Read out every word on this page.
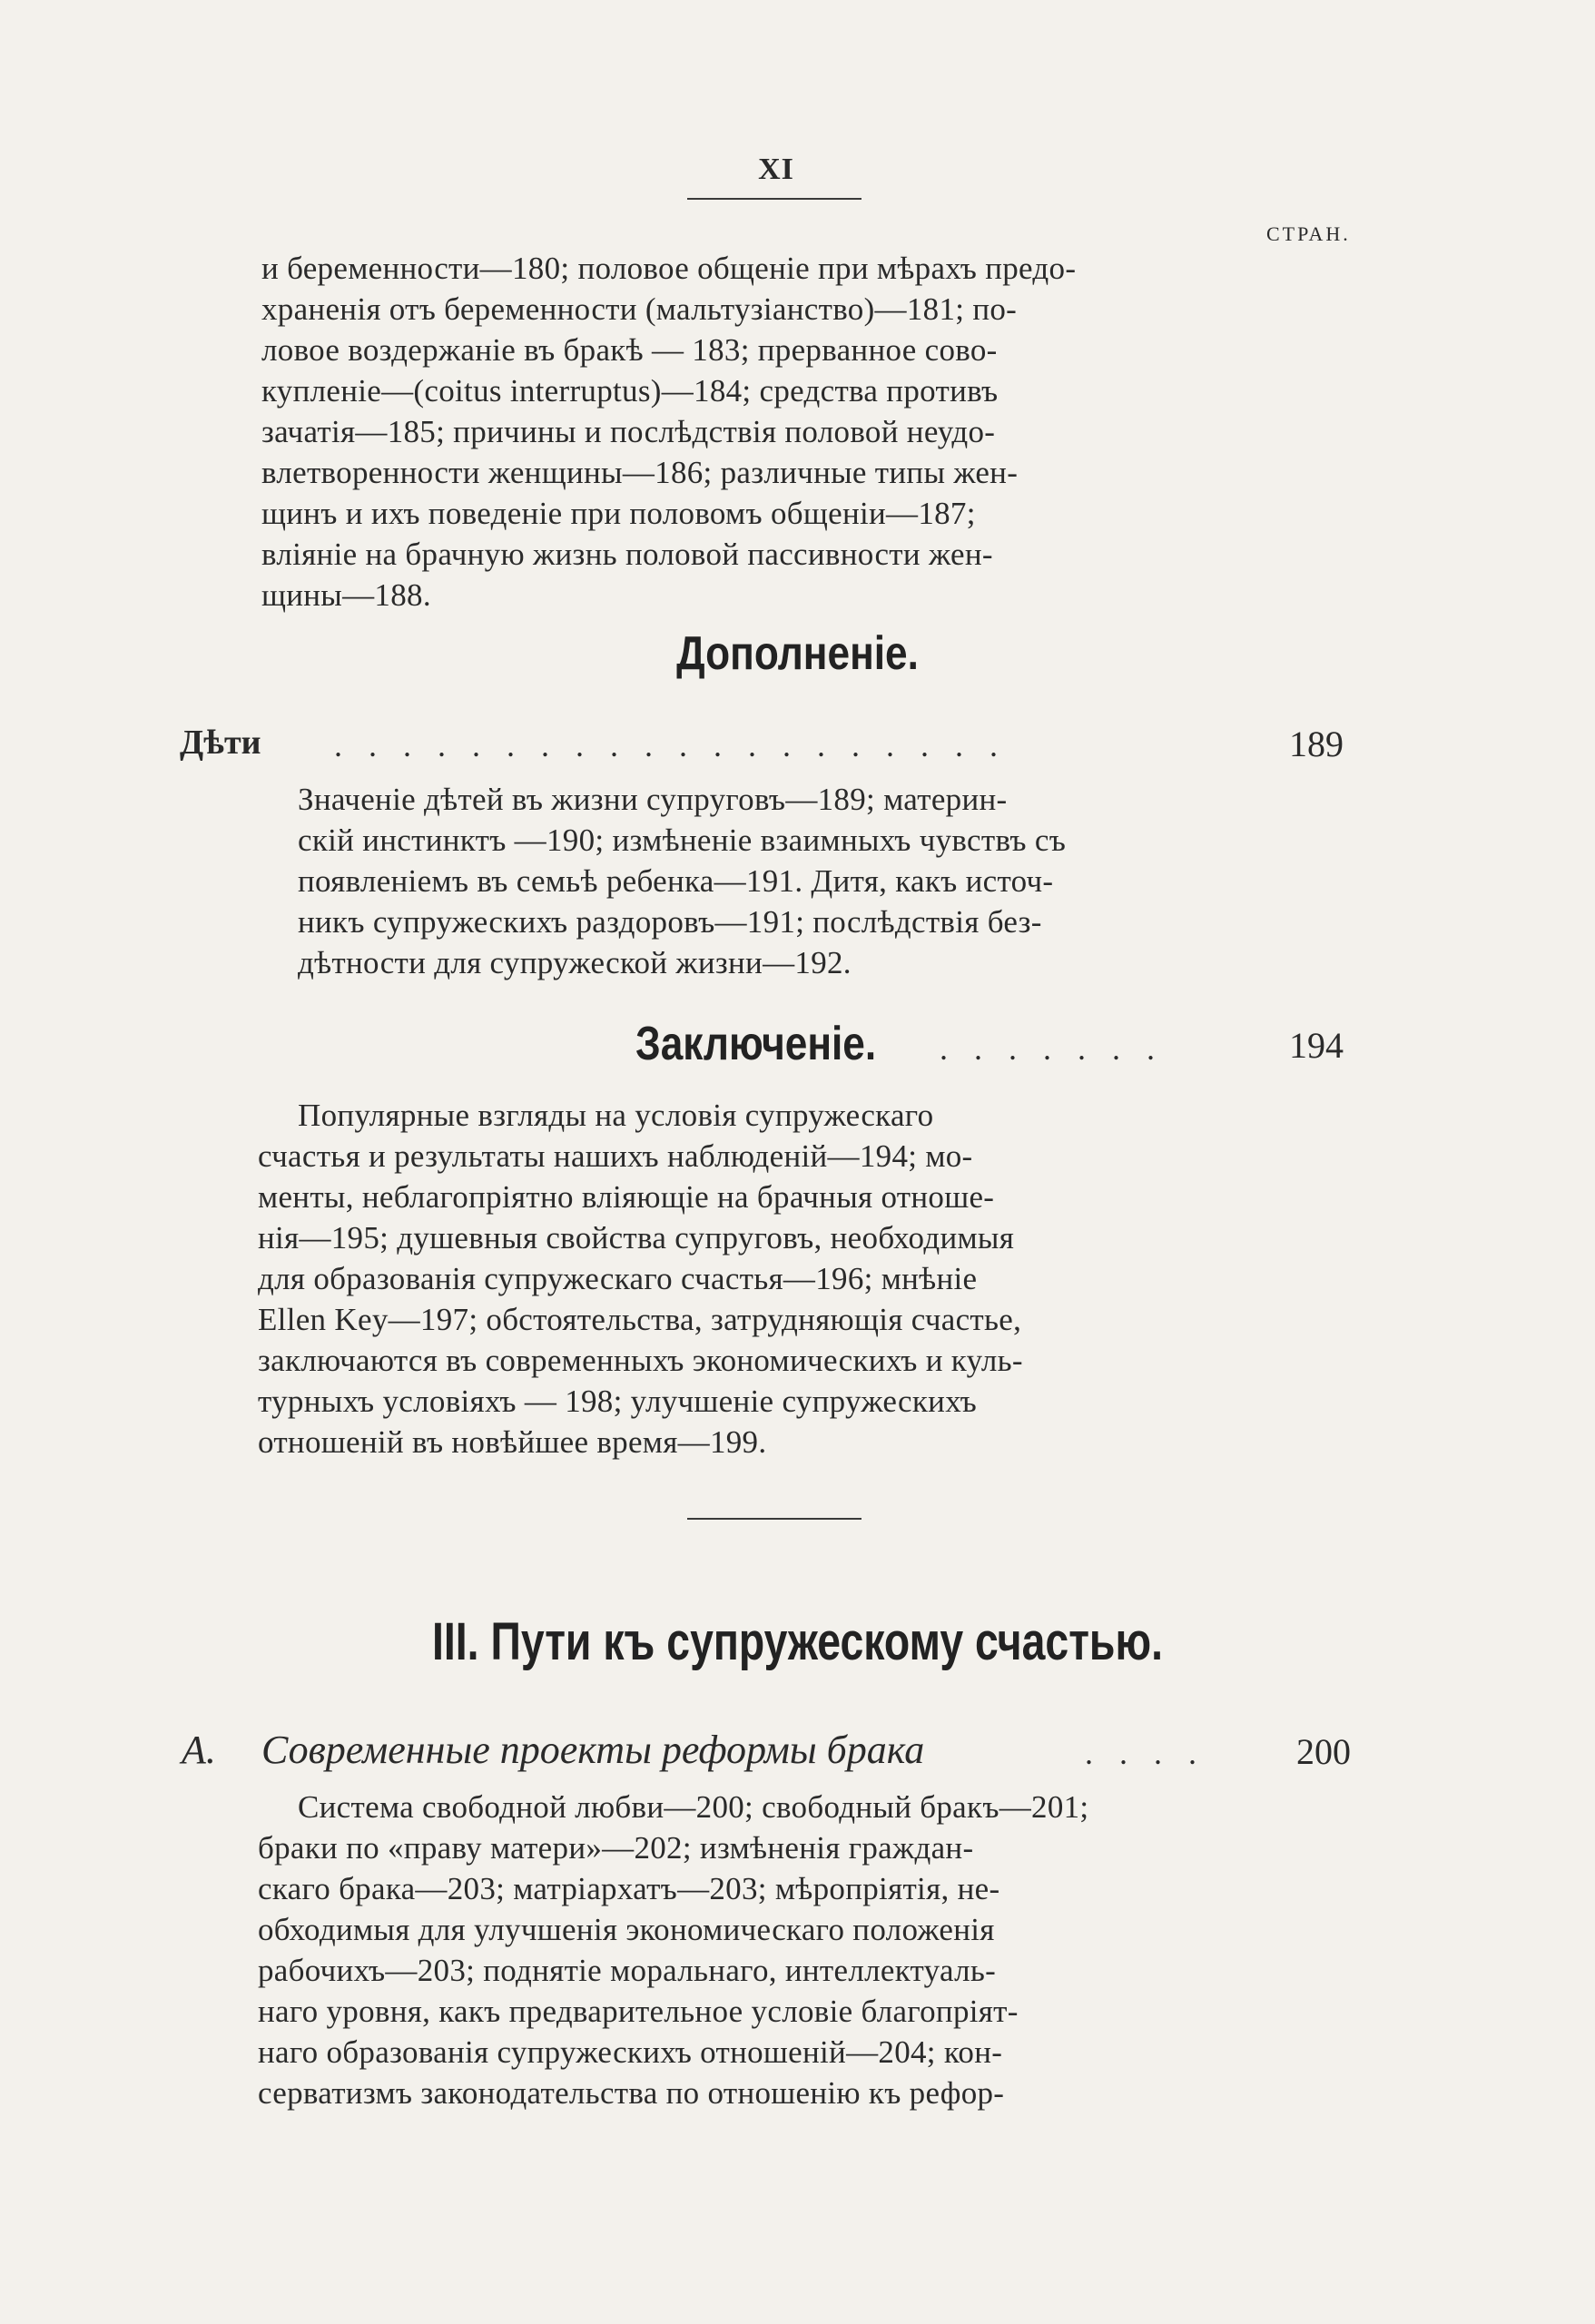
XI
СТРАН.
и беременности—180; половое общеніе при мѣрахъ предо-
храненія отъ беременности (мальтузіанство)—181; по-
ловое воздержаніе въ бракѣ — 183; прерванное сово-
купленіе—(coitus interruptus)—184; средства противъ
зачатія—185; причины и послѣдствія половой неудо-
влетворенности женщины—186; различные типы жен-
щинъ и ихъ поведеніе при половомъ общеніи—187;
вліяніе на брачную жизнь половой пассивности жен-
щины—188.
Дополненіе.
Дѣти . . . . . . . . . . . . . . . . . . . .	189
Значеніе дѣтей въ жизни супруговъ—189; материн-
скій инстинктъ —190; измѣненіе взаимныхъ чувствъ съ
появленіемъ въ семьѣ ребенка—191. Дитя, какъ источ-
никъ супружескихъ раздоровъ—191; послѣдствія без-
дѣтности для супружеской жизни—192.
Заключеніе. . . . . . . .	194
Популярные взгляды на условія супружескаго
счастья и результаты нашихъ наблюденій—194; мо-
менты, неблагопріятно вліяющіе на брачныя отноше-
нія—195; душевныя свойства супруговъ, необходимыя
для образованія супружескаго счастья—196; мнѣніе
Ellen Key—197; обстоятельства, затрудняющія счастье,
заключаются въ современныхъ экономическихъ и куль-
турныхъ условіяхъ — 198; улучшеніе супружескихъ
отношеній въ новѣйшее время—199.
III. Пути къ супружескому счастью.
А. Современные проекты реформы брака	. . . .	200
Система свободной любви—200; свободный бракъ—201;
браки по «праву матери»—202; измѣненія граждан-
скаго брака—203; матріархатъ—203; мѣропріятія, не-
обходимыя для улучшенія экономическаго положенія
рабочихъ—203; поднятіе моральнаго, интеллектуаль-
наго уровня, какъ предварительное условіе благопріят-
наго образованія супружескихъ отношеній—204; кон-
серватизмъ законодательства по отношенію къ рефор-
